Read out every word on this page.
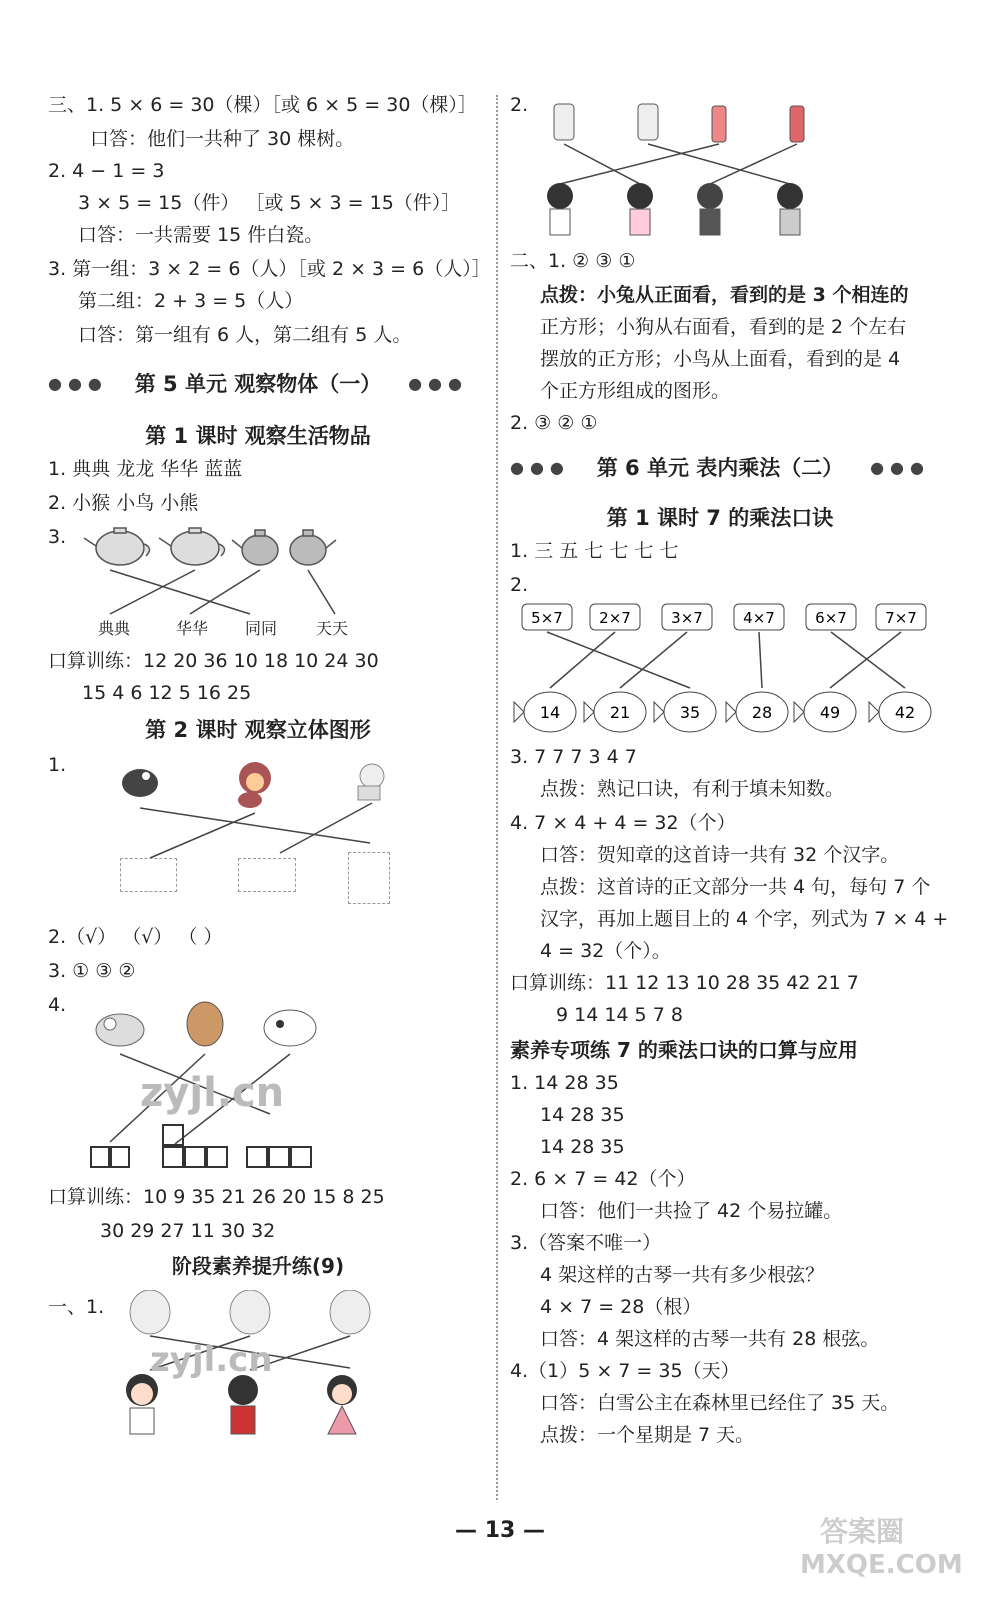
三、1. 5 × 6 = 30（棵）［或 6 × 5 = 30（棵）］
口答：他们一共种了 30 棵树。
2. 4 − 1 = 3
3 × 5 = 15（件） ［或 5 × 3 = 15（件）］
口答：一共需要 15 件白瓷。
3. 第一组：3 × 2 = 6（人）［或 2 × 3 = 6（人）］
第二组：2 + 3 = 5（人）
口答：第一组有 6 人，第二组有 5 人。
●●● 第 5 单元 观察物体（一） ●●●
第 1 课时 观察生活物品
1. 典典 龙龙 华华 蓝蓝
2. 小猴 小鸟 小熊
3.
典典	华华 同同 天天
口算训练：12 20 36 10 18 10 24 30
15 4 6 12 5 16 25
第 2 课时 观察立体图形
1.
2.（√） （√） （ ）
3. ① ③ ②
4.
口算训练：10 9 35 21 26 20 15 8 25
30 29 27 11 30 32
阶段素养提升练(9)
一、1.
2.
二、1. ② ③ ①
点拨：小兔从正面看，看到的是 3 个相连的
正方形；小狗从右面看，看到的是 2 个左右
摆放的正方形；小鸟从上面看，看到的是 4
个正方形组成的图形。
2. ③ ② ①
●●● 第 6 单元 表内乘法（二） ●●●
第 1 课时 7 的乘法口诀
1. 三 五 七 七 七 七
2.
5×7 2×7	3×7	4×7	6×7	7×7
14	21	35	28	49	42
3. 7 7 7 3 4 7
点拨：熟记口诀，有利于填未知数。
4. 7 × 4 + 4 = 32（个）
口答：贺知章的这首诗一共有 32 个汉字。
点拨：这首诗的正文部分一共 4 句，每句 7 个
汉字，再加上题目上的 4 个字，列式为 7 × 4 +
4 = 32（个）。
口算训练：11 12 13 10 28 35 42 21 7
9 14 14 5 7 8
素养专项练 7 的乘法口诀的口算与应用
1. 14 28 35
14 28 35
14 28 35
2. 6 × 7 = 42（个）
口答：他们一共捡了 42 个易拉罐。
3.（答案不唯一）
4 架这样的古琴一共有多少根弦？
4 × 7 = 28（根）
口答：4 架这样的古琴一共有 28 根弦。
4.（1）5 × 7 = 35（天）
口答：白雪公主在森林里已经住了 35 天。
点拨：一个星期是 7 天。
— 13 —
zyjl.cn
zyjl.cn
答案圈
MXQE.COM
